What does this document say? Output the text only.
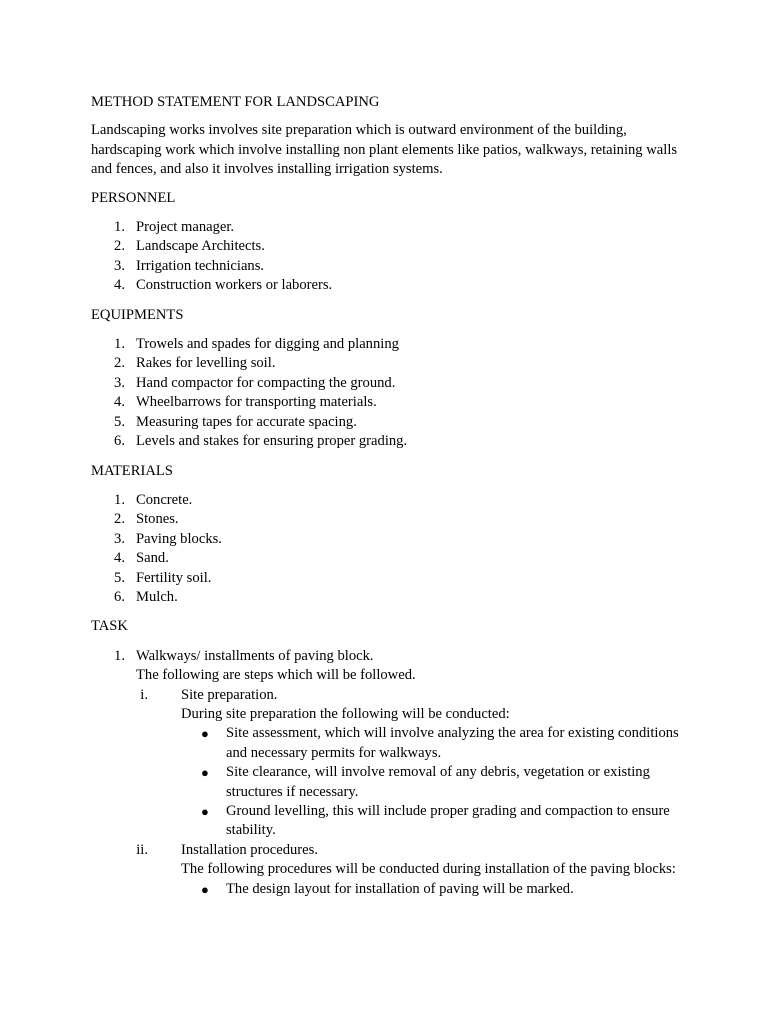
METHOD STATEMENT FOR LANDSCAPING

Landscaping works involves site preparation which is outward environment of the building, hardscaping work which involve installing non plant elements like patios, walkways, retaining walls and fences, and also it involves installing irrigation systems.

PERSONNEL
1. Project manager.
2. Landscape Architects.
3. Irrigation technicians.
4. Construction workers or laborers.
EQUIPMENTS
1. Trowels and spades for digging and planning
2. Rakes for levelling soil.
3. Hand compactor for compacting the ground.
4. Wheelbarrows for transporting materials.
5. Measuring tapes for accurate spacing.
6. Levels and stakes for ensuring proper grading.
MATERIALS
1. Concrete.
2. Stones.
3. Paving blocks.
4. Sand.
5. Fertility soil.
6. Mulch.
TASK
1. Walkways/ installments of paving block.
The following are steps which will be followed.
i. Site preparation.
During site preparation the following will be conducted:
● Site assessment, which will involve analyzing the area for existing conditions and necessary permits for walkways.
● Site clearance, will involve removal of any debris, vegetation or existing structures if necessary.
● Ground levelling, this will include proper grading and compaction to ensure stability.
ii. Installation procedures.
The following procedures will be conducted during installation of the paving blocks:
● The design layout for installation of paving will be marked.
